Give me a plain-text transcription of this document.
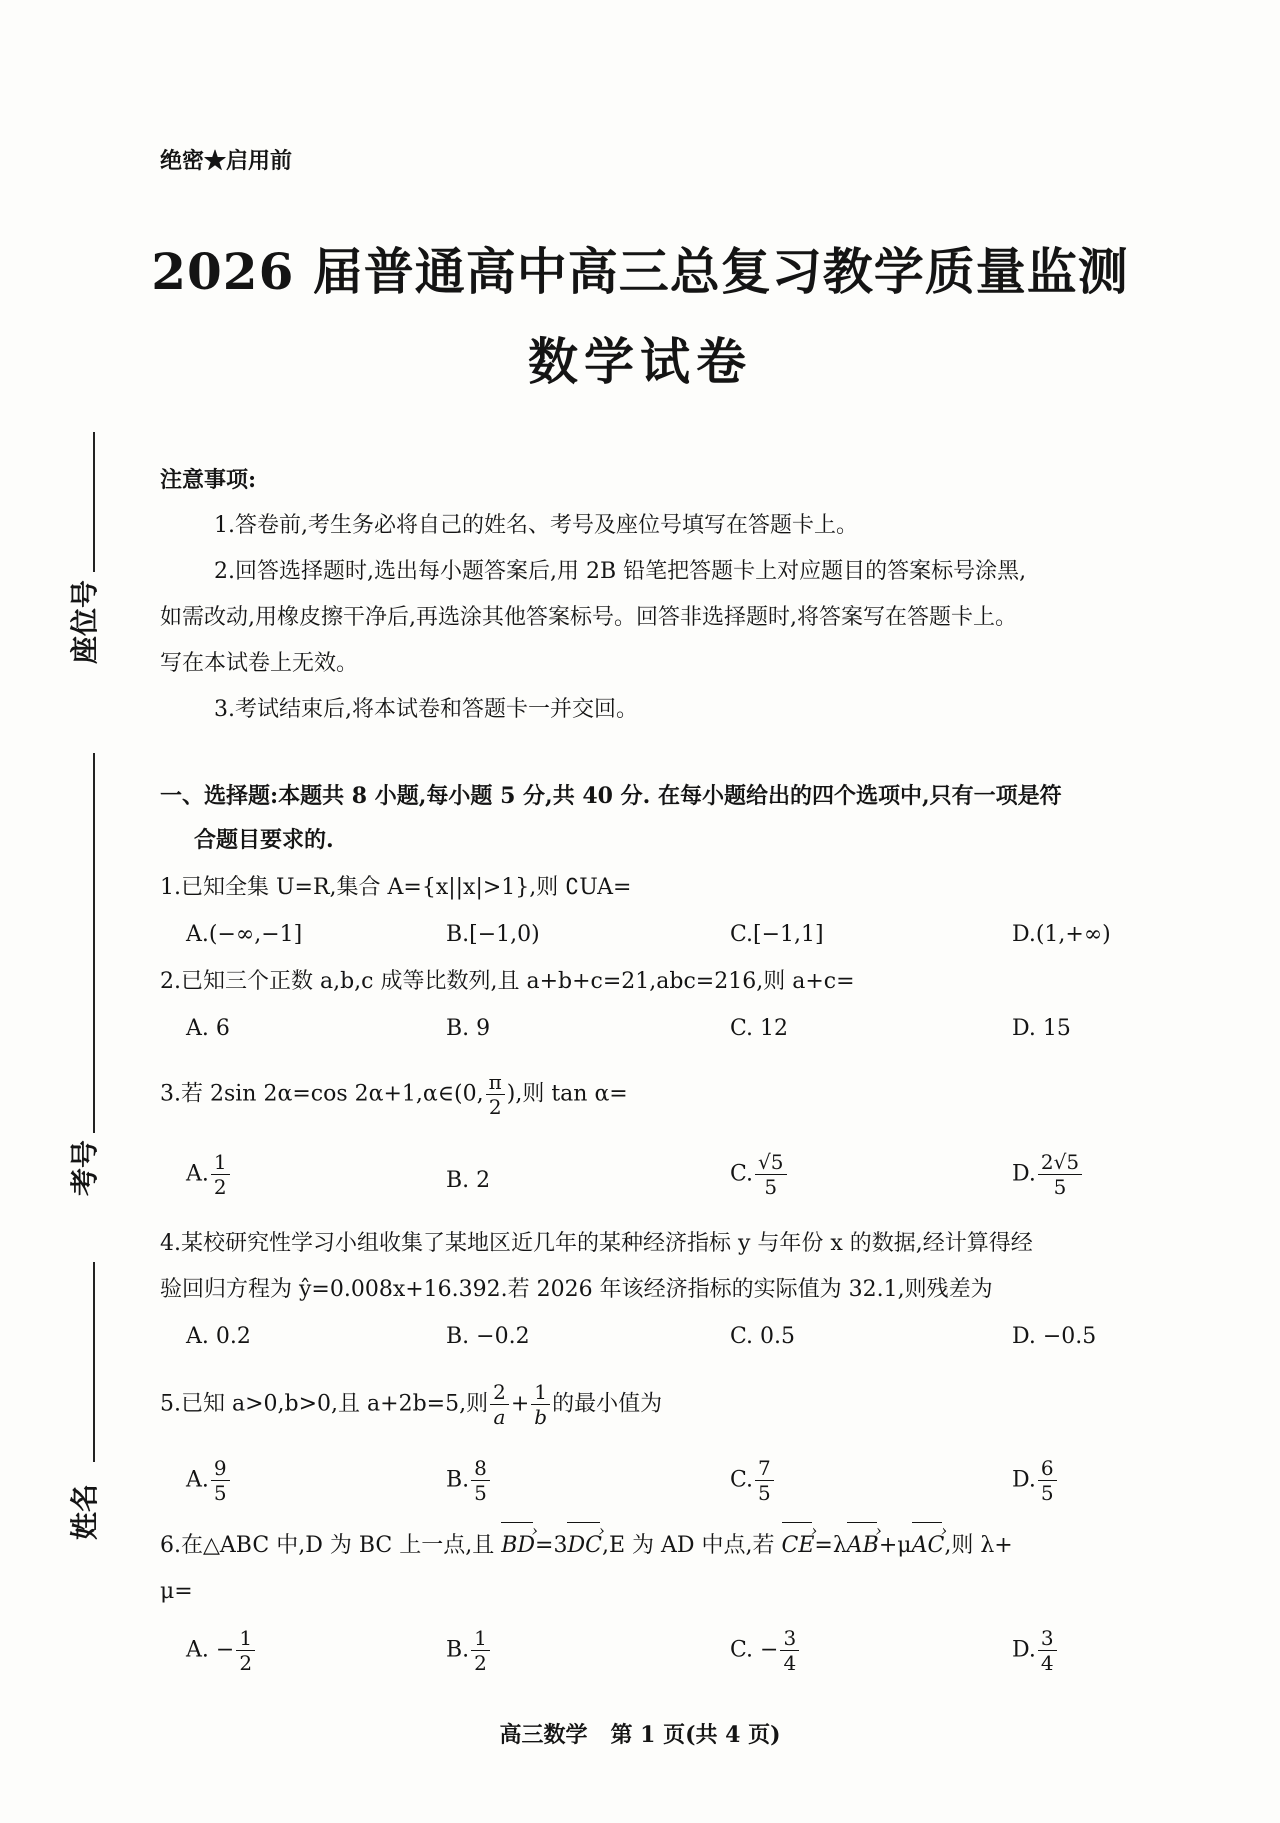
绝密★启用前
2026 届普通高中高三总复习教学质量监测
数学试卷
座位号
考号
姓名
注意事项:
1.答卷前,考生务必将自己的姓名、考号及座位号填写在答题卡上。
2.回答选择题时,选出每小题答案后,用 2B 铅笔把答题卡上对应题目的答案标号涂黑,
如需改动,用橡皮擦干净后,再选涂其他答案标号。回答非选择题时,将答案写在答题卡上。
写在本试卷上无效。
3.考试结束后,将本试卷和答题卡一并交回。
一、选择题:本题共 8 小题,每小题 5 分,共 40 分. 在每小题给出的四个选项中,只有一项是符
合题目要求的.
1.已知全集 U=R,集合 A={x||x|>1},则 ∁UA=
A.(−∞,−1]	B.[−1,0)	C.[−1,1]	D.(1,+∞)
2.已知三个正数 a,b,c 成等比数列,且 a+b+c=21,abc=216,则 a+c=
A. 6	B. 9	C. 12	D. 15
3.若 2sin 2α=cos 2α+1,α∈(0, $\frac{\pi}{2}$ ),则 tan α=
A. $\frac{1}{2}$	B. 2	C. $\frac{√5}{5}$	D. $\frac{2√5}{5}$
4.某校研究性学习小组收集了某地区近几年的某种经济指标 y 与年份 x 的数据,经计算得经
验回归方程为 ŷ=0.008x+16.392.若 2026 年该经济指标的实际值为 32.1,则残差为
A. 0.2	B. −0.2	C. 0.5	D. −0.5
5.已知 a>0,b>0,且 a+2b=5,则 $\frac{2}{a} + \frac{1}{b}$ 的最小值为
A. $\frac{9}{5}$	B. $\frac{8}{5}$	C. $\frac{7}{5}$	D. $\frac{6}{5}$
6.在△ABC 中,D 为 BC 上一点,且 BD ›=3DC ›,E 为 AD 中点,若 CE ›=λAB ›+μAC ›,则 λ+
μ=
A. − $\frac{1}{2}$	B. $\frac{1}{2}$	C. − $\frac{3}{4}$	D. $\frac{3}{4}$
高三数学   第 1 页(共 4 页)
